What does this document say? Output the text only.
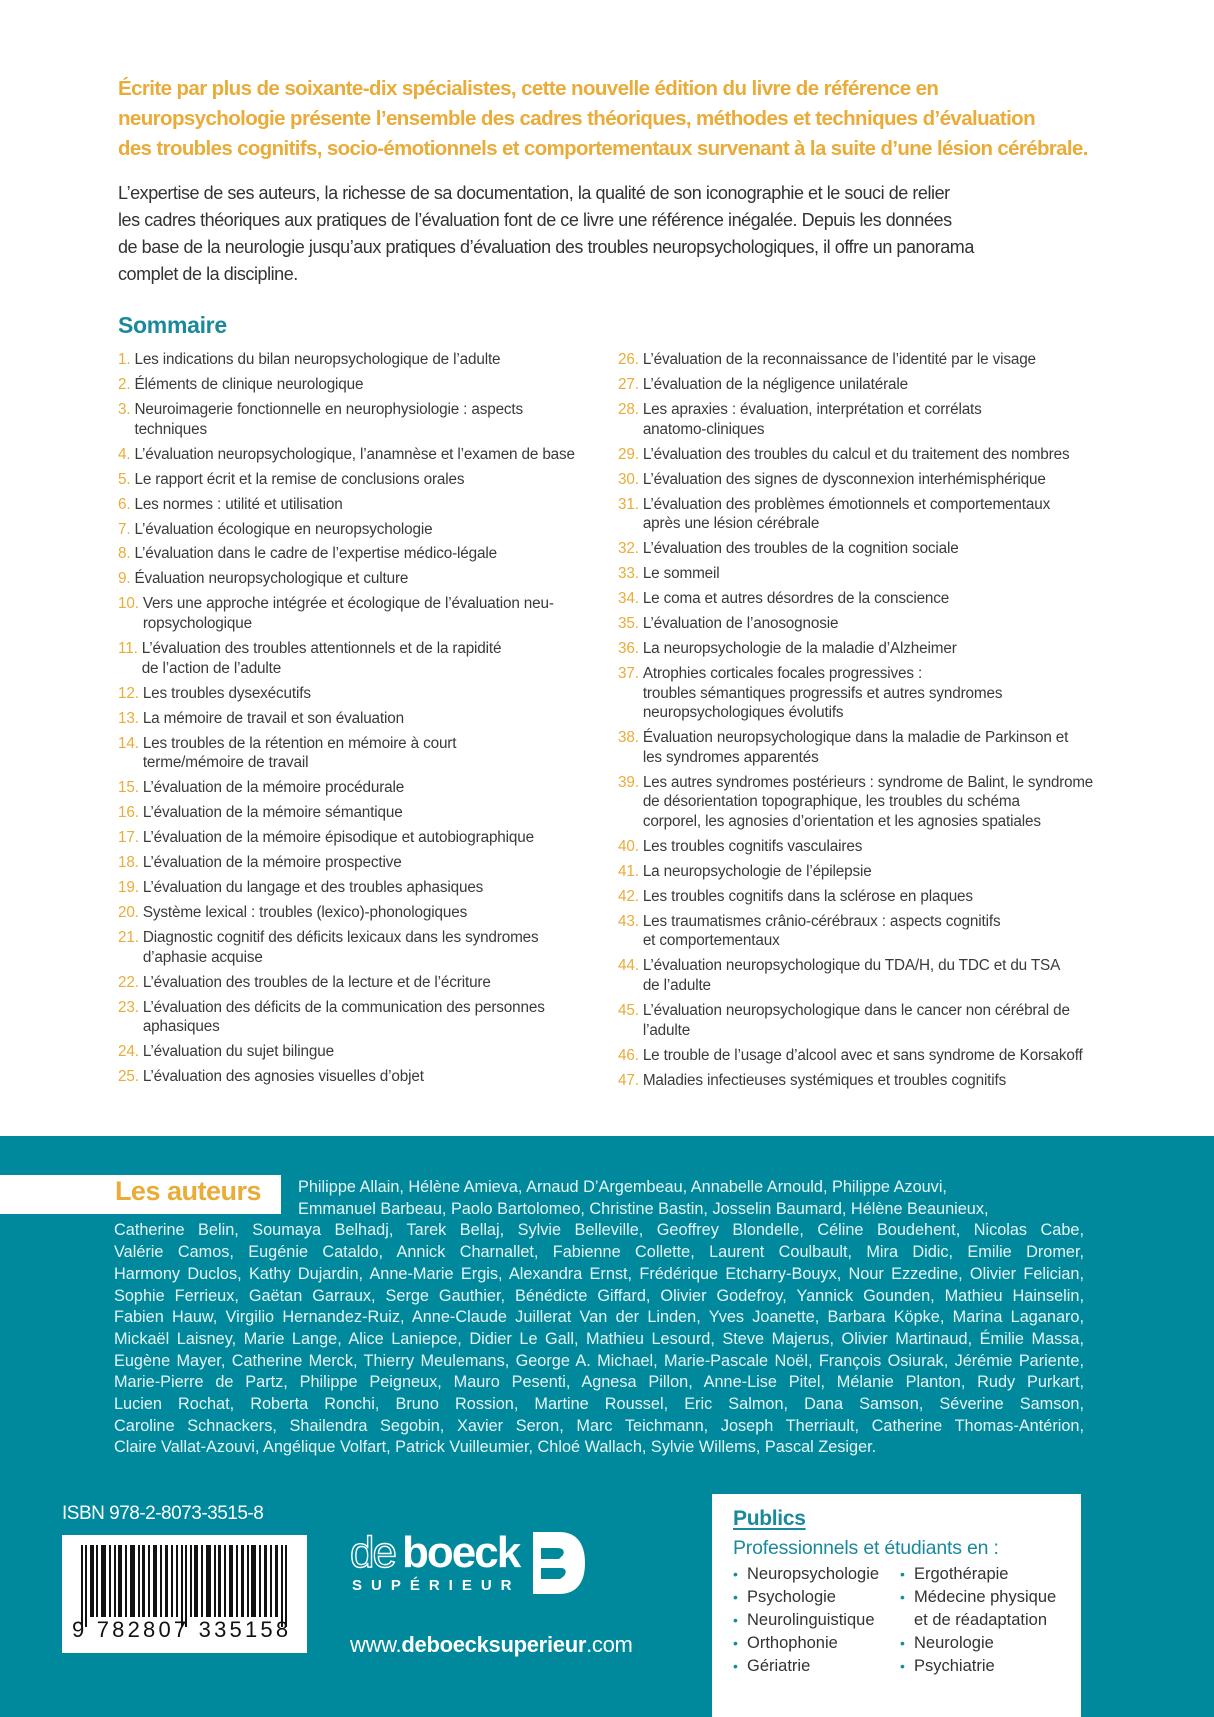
Écrite par plus de soixante-dix spécialistes, cette nouvelle édition du livre de référence en
neuropsychologie présente l’ensemble des cadres théoriques, méthodes et techniques d’évaluation
des troubles cognitifs, socio-émotionnels et comportementaux survenant à la suite d’une lésion cérébrale.
L’expertise de ses auteurs, la richesse de sa documentation, la qualité de son iconographie et le souci de relier
les cadres théoriques aux pratiques de l’évaluation font de ce livre une référence inégalée. Depuis les données
de base de la neurologie jusqu’aux pratiques d’évaluation des troubles neuropsychologiques, il offre un panorama
complet de la discipline.
Sommaire
1. Les indications du bilan neuropsychologique de l’adulte
2. Éléments de clinique neurologique
3. Neuroimagerie fonctionnelle en neurophysiologie : aspects
techniques
4. L’évaluation neuropsychologique, l’anamnèse et l’examen de base
5. Le rapport écrit et la remise de conclusions orales
6. Les normes : utilité et utilisation
7. L’évaluation écologique en neuropsychologie
8. L’évaluation dans le cadre de l’expertise médico-légale
9. Évaluation neuropsychologique et culture
10. Vers une approche intégrée et écologique de l’évaluation neu-
ropsychologique
11. L’évaluation des troubles attentionnels et de la rapidité
de l’action de l’adulte
12. Les troubles dysexécutifs
13. La mémoire de travail et son évaluation
14. Les troubles de la rétention en mémoire à court
terme/mémoire de travail
15. L’évaluation de la mémoire procédurale
16. L’évaluation de la mémoire sémantique
17. L’évaluation de la mémoire épisodique et autobiographique
18. L’évaluation de la mémoire prospective
19. L’évaluation du langage et des troubles aphasiques
20. Système lexical : troubles (lexico)-phonologiques
21. Diagnostic cognitif des déficits lexicaux dans les syndromes
d’aphasie acquise
22. L’évaluation des troubles de la lecture et de l’écriture
23. L’évaluation des déficits de la communication des personnes
aphasiques
24. L’évaluation du sujet bilingue
25. L’évaluation des agnosies visuelles d’objet
26. L’évaluation de la reconnaissance de l’identité par le visage
27. L’évaluation de la négligence unilatérale
28. Les apraxies : évaluation, interprétation et corrélats
anatomo-cliniques
29. L’évaluation des troubles du calcul et du traitement des nombres
30. L’évaluation des signes de dysconnexion interhémisphérique
31. L’évaluation des problèmes émotionnels et comportementaux
après une lésion cérébrale
32. L’évaluation des troubles de la cognition sociale
33. Le sommeil
34. Le coma et autres désordres de la conscience
35. L’évaluation de l’anosognosie
36. La neuropsychologie de la maladie d’Alzheimer
37. Atrophies corticales focales progressives :
troubles sémantiques progressifs et autres syndromes
neuropsychologiques évolutifs
38. Évaluation neuropsychologique dans la maladie de Parkinson et
les syndromes apparentés
39. Les autres syndromes postérieurs : syndrome de Balint, le syndrome
de désorientation topographique, les troubles du schéma
corporel, les agnosies d’orientation et les agnosies spatiales
40. Les troubles cognitifs vasculaires
41. La neuropsychologie de l’épilepsie
42. Les troubles cognitifs dans la sclérose en plaques
43. Les traumatismes crânio-cérébraux : aspects cognitifs
et comportementaux
44. L’évaluation neuropsychologique du TDA/H, du TDC et du TSA
de l’adulte
45. L’évaluation neuropsychologique dans le cancer non cérébral de
l’adulte
46. Le trouble de l’usage d’alcool avec et sans syndrome de Korsakoff
47. Maladies infectieuses systémiques et troubles cognitifs
Les auteurs Philippe Allain, Hélène Amieva, Arnaud D’Argembeau, Annabelle Arnould, Philippe Azouvi,
Emmanuel Barbeau, Paolo Bartolomeo, Christine Bastin, Josselin Baumard, Hélène Beaunieux,
Catherine Belin, Soumaya Belhadj, Tarek Bellaj, Sylvie Belleville, Geoffrey Blondelle, Céline Boudehent, Nicolas Cabe,
Valérie Camos, Eugénie Cataldo, Annick Charnallet, Fabienne Collette, Laurent Coulbault, Mira Didic, Emilie Dromer,
Harmony Duclos, Kathy Dujardin, Anne-Marie Ergis, Alexandra Ernst, Frédérique Etcharry-Bouyx, Nour Ezzedine, Olivier Felician,
Sophie Ferrieux, Gaëtan Garraux, Serge Gauthier, Bénédicte Giffard, Olivier Godefroy, Yannick Gounden, Mathieu Hainselin,
Fabien Hauw, Virgilio Hernandez-Ruiz, Anne-Claude Juillerat Van der Linden, Yves Joanette, Barbara Köpke, Marina Laganaro,
Mickaël Laisney, Marie Lange, Alice Laniepce, Didier Le Gall, Mathieu Lesourd, Steve Majerus, Olivier Martinaud, Émilie Massa,
Eugène Mayer, Catherine Merck, Thierry Meulemans, George A. Michael, Marie-Pascale Noël, François Osiurak, Jérémie Pariente,
Marie-Pierre de Partz, Philippe Peigneux, Mauro Pesenti, Agnesa Pillon, Anne-Lise Pitel, Mélanie Planton, Rudy Purkart,
Lucien Rochat, Roberta Ronchi, Bruno Rossion, Martine Roussel, Eric Salmon, Dana Samson, Séverine Samson,
Caroline Schnackers, Shailendra Segobin, Xavier Seron, Marc Teichmann, Joseph Therriault, Catherine Thomas-Antérion,
Claire Vallat-Azouvi, Angélique Volfart, Patrick Vuilleumier, Chloé Wallach, Sylvie Willems, Pascal Zesiger.
ISBN 978-2-8073-3515-8
9 782807 335158
de boeck
SUPÉRIEUR
www.deboecksuperieur.com
Publics
Professionnels et étudiants en :
• Neuropsychologie
• Psychologie
• Neurolinguistique
• Orthophonie
• Gériatrie
• Ergothérapie
• Médecine physique
et de réadaptation
• Neurologie
• Psychiatrie
